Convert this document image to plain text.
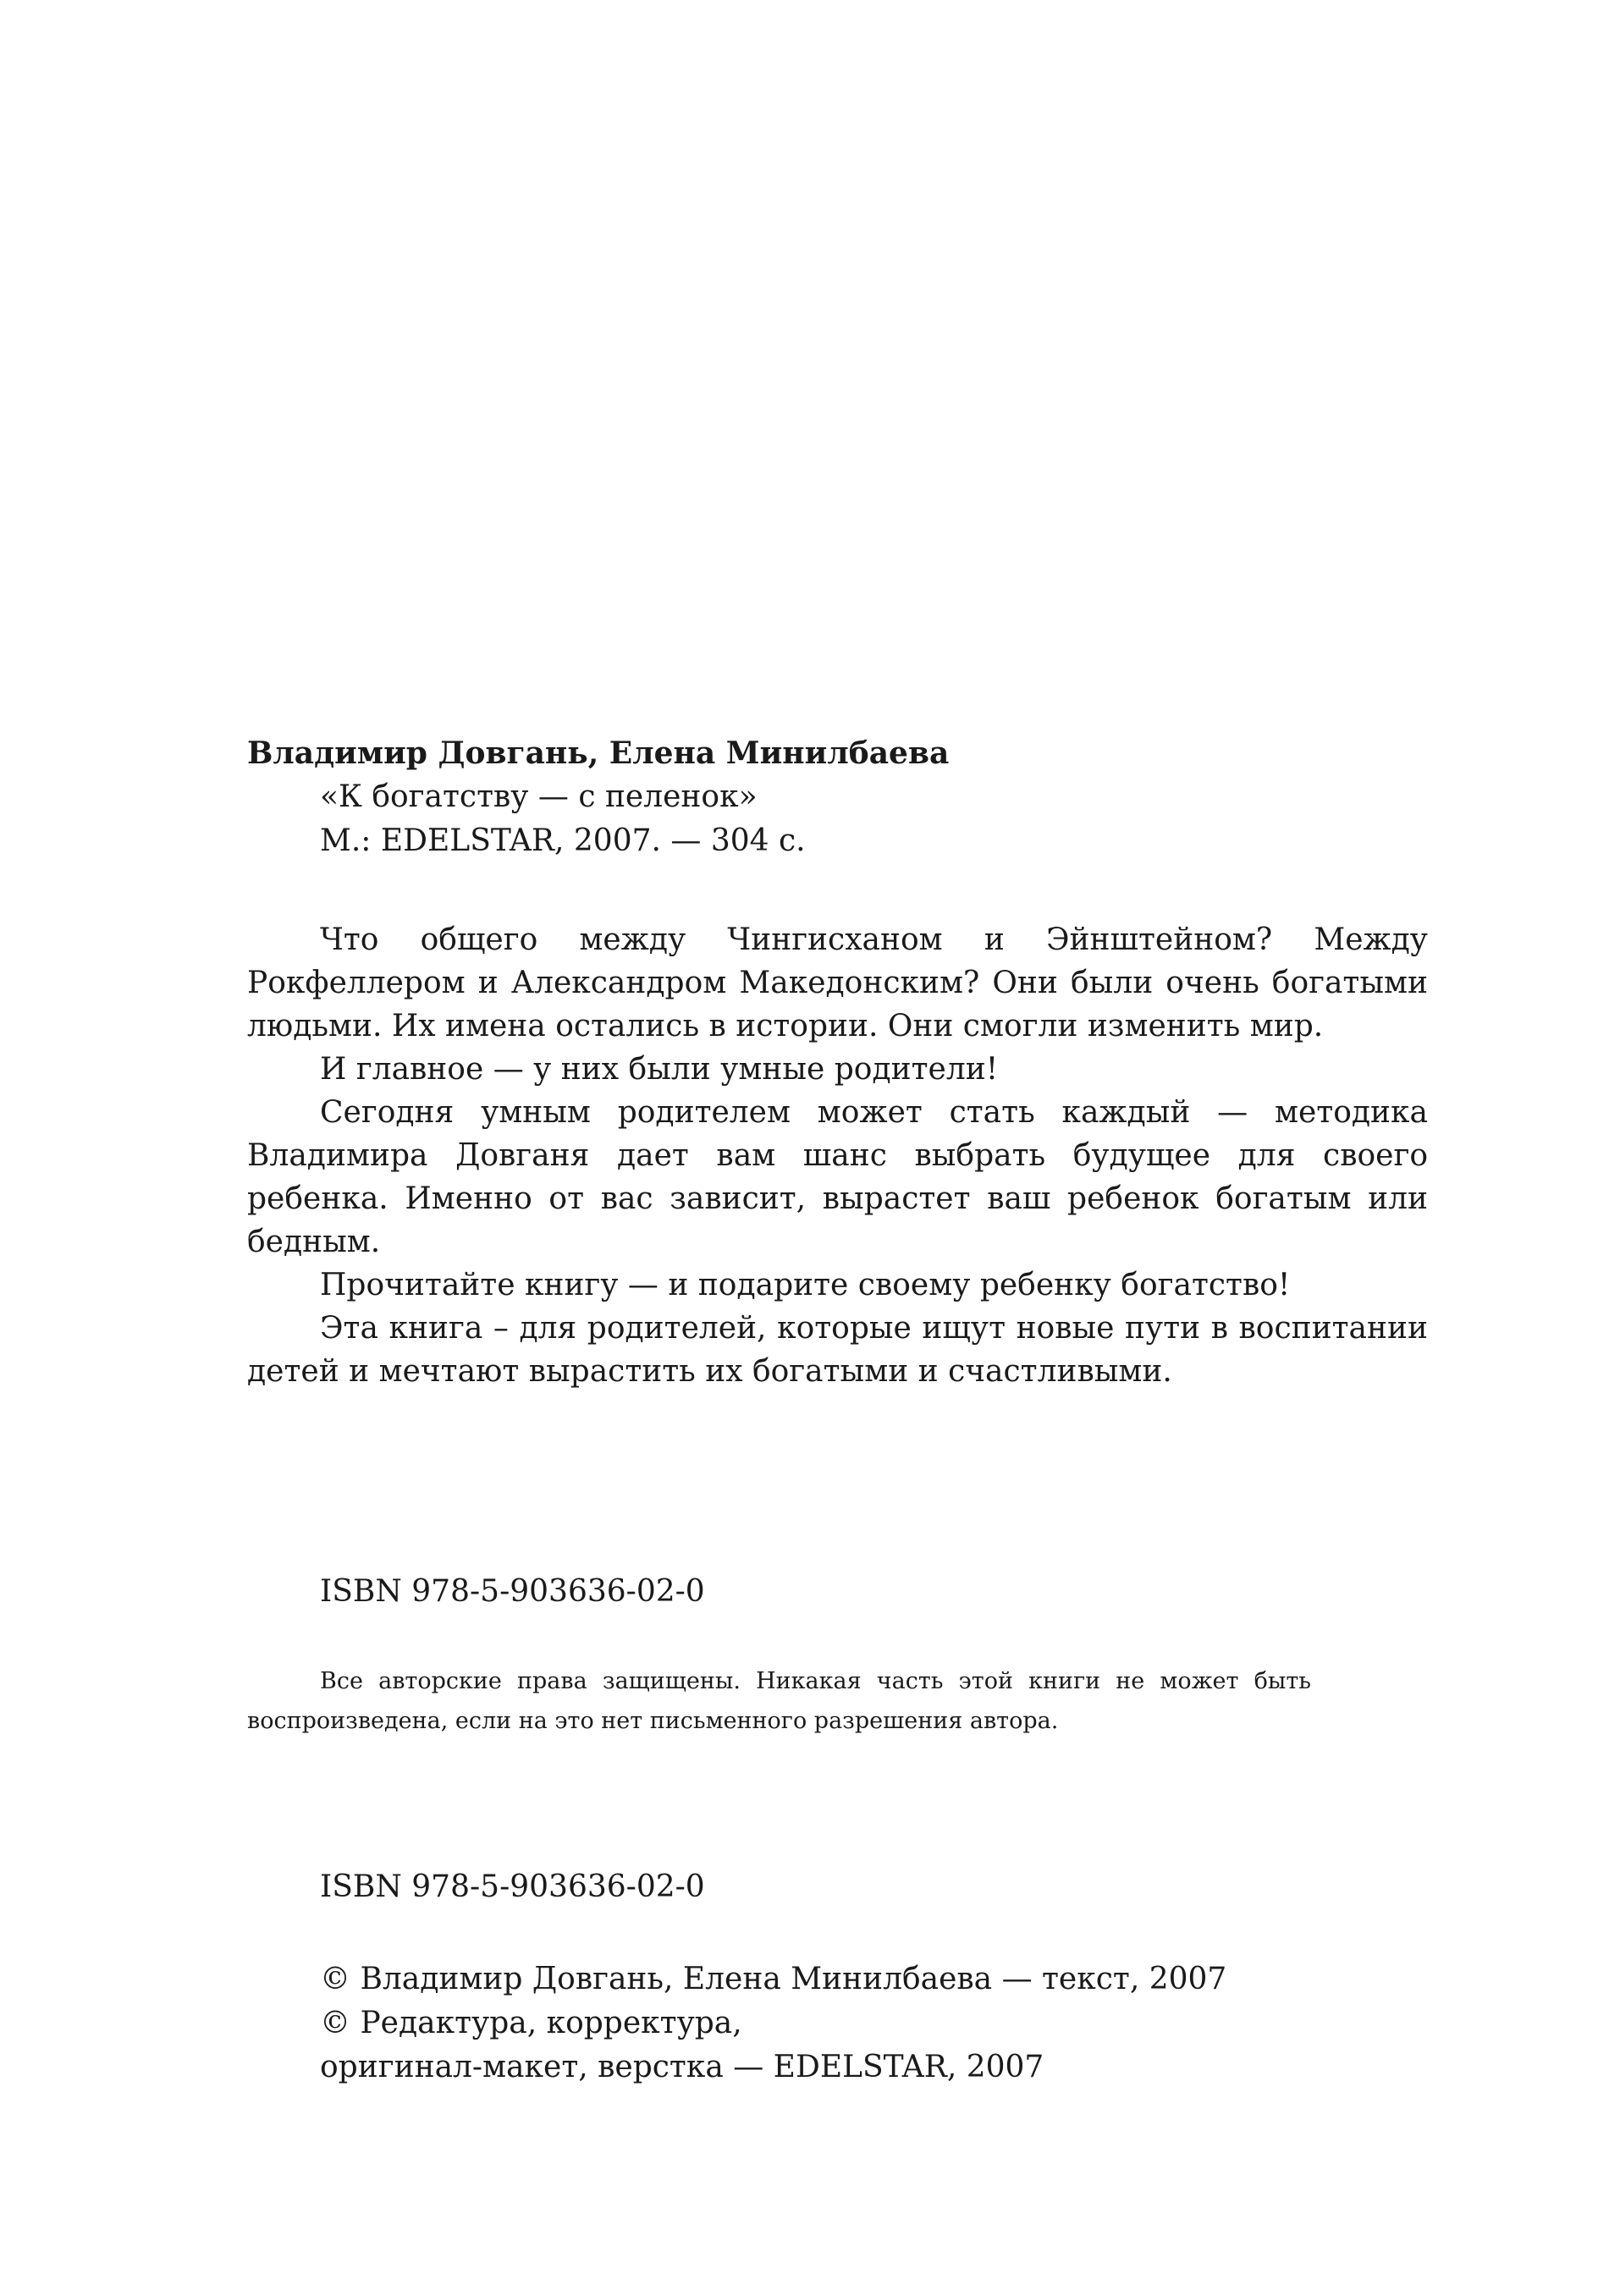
Владимир Довгань, Елена Минилбаева

«К богатству — с пеленок»

М.: EDELSTAR, 2007. — 304 с.

Что общего между Чингисханом и Эйнштейном? Между Рокфеллером и Александром Македонским? Они были очень богатыми людьми. Их имена остались в истории. Они смогли изменить мир.

И главное — у них были умные родители!

Сегодня умным родителем может стать каждый — методика Владимира Довганя дает вам шанс выбрать будущее для своего ребенка. Именно от вас зависит, вырастет ваш ребенок богатым или бедным.

Прочитайте книгу — и подарите своему ребенку богатство!

Эта книга – для родителей, которые ищут новые пути в воспитании детей и мечтают вырастить их богатыми и счастливыми.

ISBN 978-5-903636-02-0

Все авторские права защищены. Никакая часть этой книги не может быть воспроизведена, если на это нет письменного разрешения автора.

ISBN 978-5-903636-02-0

© Владимир Довгань, Елена Минилбаева — текст, 2007

© Редактура, корректура,

оригинал-макет, верстка — EDELSTAR, 2007
